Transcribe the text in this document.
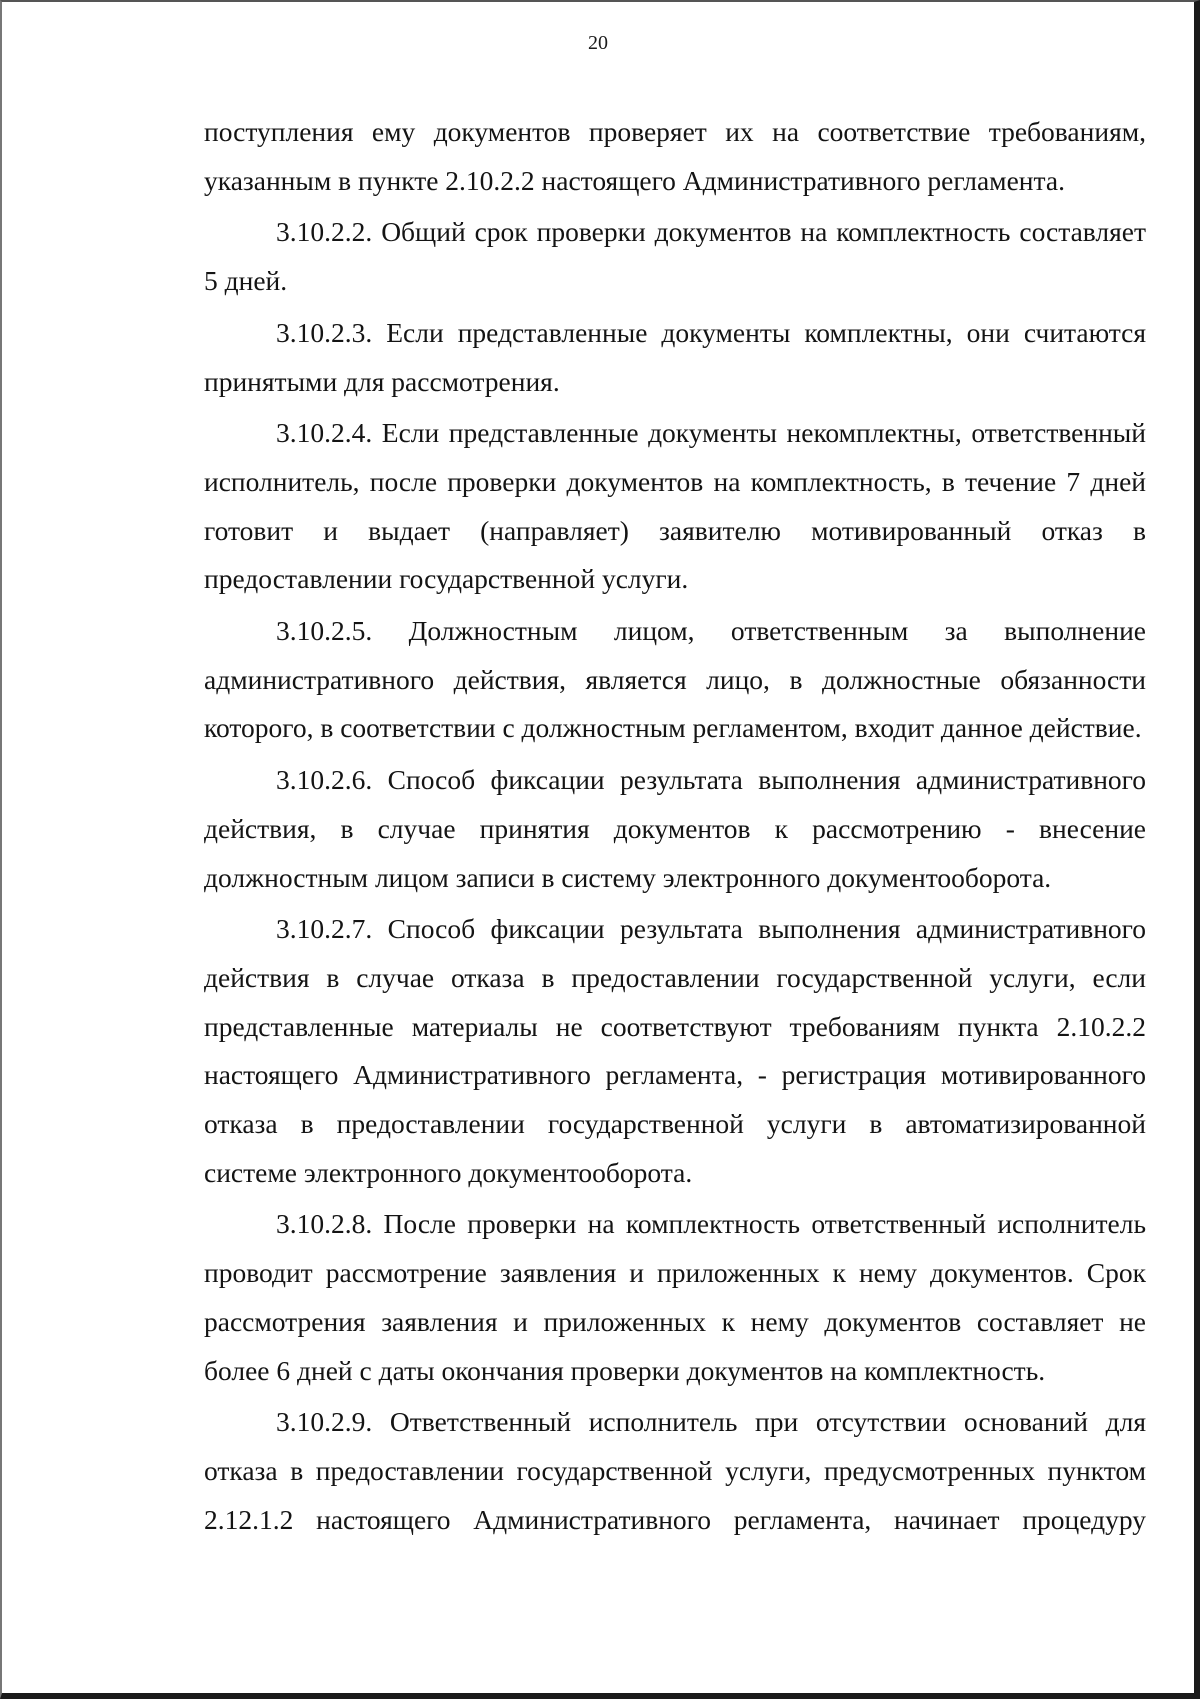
20

поступления ему документов проверяет их на соответствие требованиям, указанным в пункте 2.10.2.2 настоящего Административного регламента.

3.10.2.2. Общий срок проверки документов на комплектность составляет 5 дней.

3.10.2.3. Если представленные документы комплектны, они считаются принятыми для рассмотрения.

3.10.2.4. Если представленные документы некомплектны, ответственный исполнитель, после проверки документов на комплектность, в течение 7 дней готовит и выдает (направляет) заявителю мотивированный отказ в предоставлении государственной услуги.

3.10.2.5. Должностным лицом, ответственным за выполнение административного действия, является лицо, в должностные обязанности которого, в соответствии с должностным регламентом, входит данное действие.

3.10.2.6. Способ фиксации результата выполнения административного действия, в случае принятия документов к рассмотрению - внесение должностным лицом записи в систему электронного документооборота.

3.10.2.7. Способ фиксации результата выполнения административного действия в случае отказа в предоставлении государственной услуги, если представленные материалы не соответствуют требованиям пункта 2.10.2.2 настоящего Административного регламента, - регистрация мотивированного отказа в предоставлении государственной услуги в автоматизированной системе электронного документооборота.

3.10.2.8. После проверки на комплектность ответственный исполнитель проводит рассмотрение заявления и приложенных к нему документов. Срок рассмотрения заявления и приложенных к нему документов составляет не более 6 дней с даты окончания проверки документов на комплектность.

3.10.2.9. Ответственный исполнитель при отсутствии оснований для отказа в предоставлении государственной услуги, предусмотренных пунктом 2.12.1.2 настоящего Административного регламента, начинает процедуру
